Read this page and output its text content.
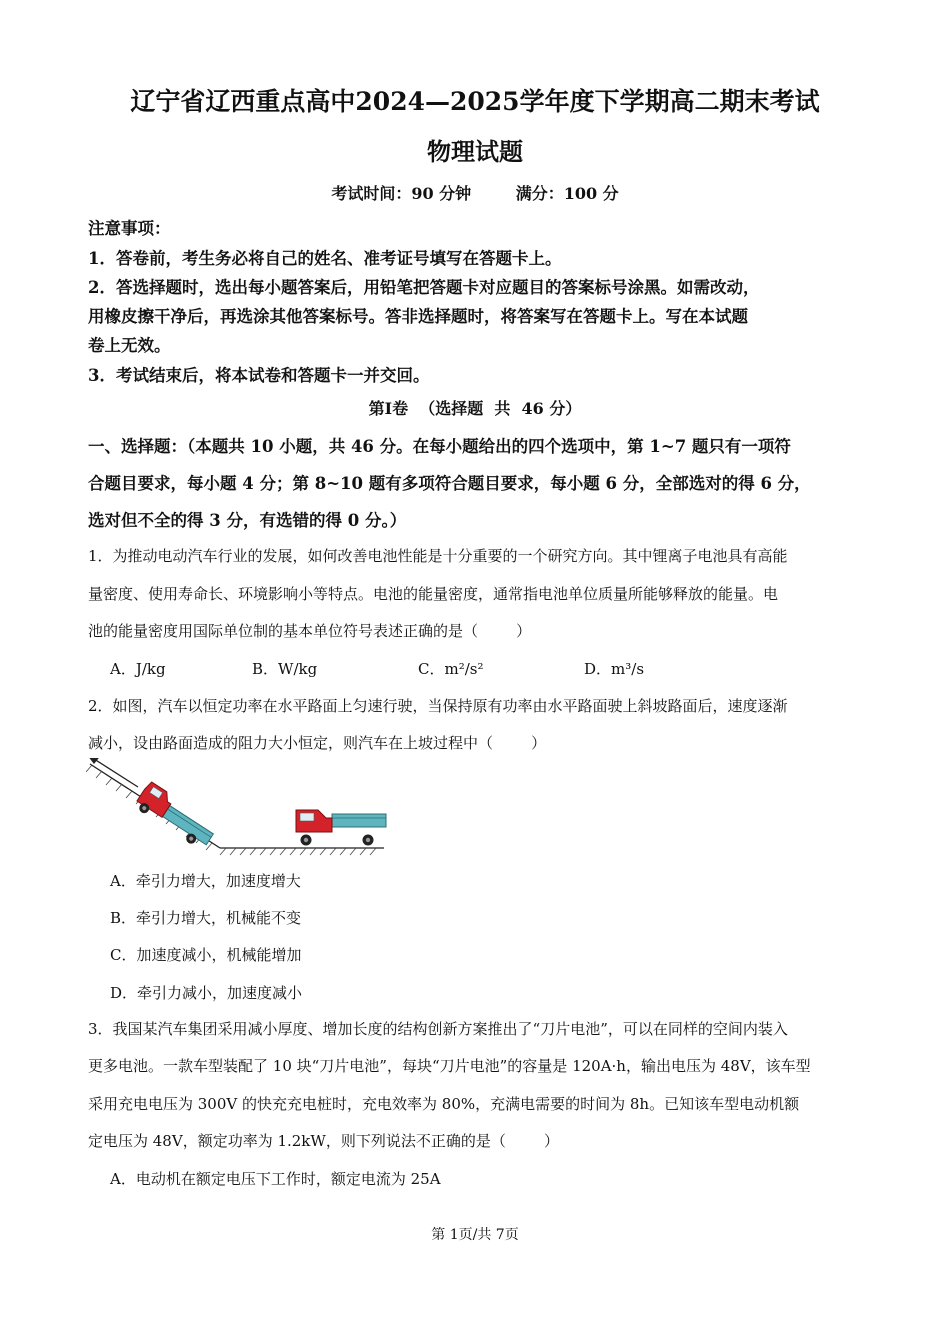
辽宁省辽西重点高中2024—2025学年度下学期高二期末考试
物理试题
考试时间：90 分钟        满分：100 分
注意事项：
1．答卷前，考生务必将自己的姓名、准考证号填写在答题卡上。
2．答选择题时，选出每小题答案后，用铅笔把答题卡对应题目的答案标号涂黑。如需改动，
用橡皮擦干净后，再选涂其他答案标号。答非选择题时，将答案写在答题卡上。写在本试题
卷上无效。
3．考试结束后，将本试卷和答题卡一并交回。
第Ⅰ卷  （选择题  共  46 分）
一、选择题：（本题共 10 小题，共 46 分。在每小题给出的四个选项中，第 1~7 题只有一项符
合题目要求，每小题 4 分；第 8~10 题有多项符合题目要求，每小题 6 分，全部选对的得 6 分，
选对但不全的得 3 分，有选错的得 0 分。）
1．为推动电动汽车行业的发展，如何改善电池性能是十分重要的一个研究方向。其中锂离子电池具有高能
量密度、使用寿命长、环境影响小等特点。电池的能量密度，通常指电池单位质量所能够释放的能量。电
池的能量密度用国际单位制的基本单位符号表述正确的是（        ）
A．J/kg	B．W/kg	C．m²/s²	D．m³/s
2．如图，汽车以恒定功率在水平路面上匀速行驶，当保持原有功率由水平路面驶上斜坡路面后，速度逐渐
减小，设由路面造成的阻力大小恒定，则汽车在上坡过程中（        ）
A．牵引力增大，加速度增大
B．牵引力增大，机械能不变
C．加速度减小，机械能增加
D．牵引力减小，加速度减小
3．我国某汽车集团采用减小厚度、增加长度的结构创新方案推出了“刀片电池”，可以在同样的空间内装入
更多电池。一款车型装配了 10 块“刀片电池”，每块“刀片电池”的容量是 120A·h，输出电压为 48V，该车型
采用充电电压为 300V 的快充充电桩时，充电效率为 80%，充满电需要的时间为 8h。已知该车型电动机额
定电压为 48V，额定功率为 1.2kW，则下列说法不正确的是（        ）
A．电动机在额定电压下工作时，额定电流为 25A
第 1页/共 7页
